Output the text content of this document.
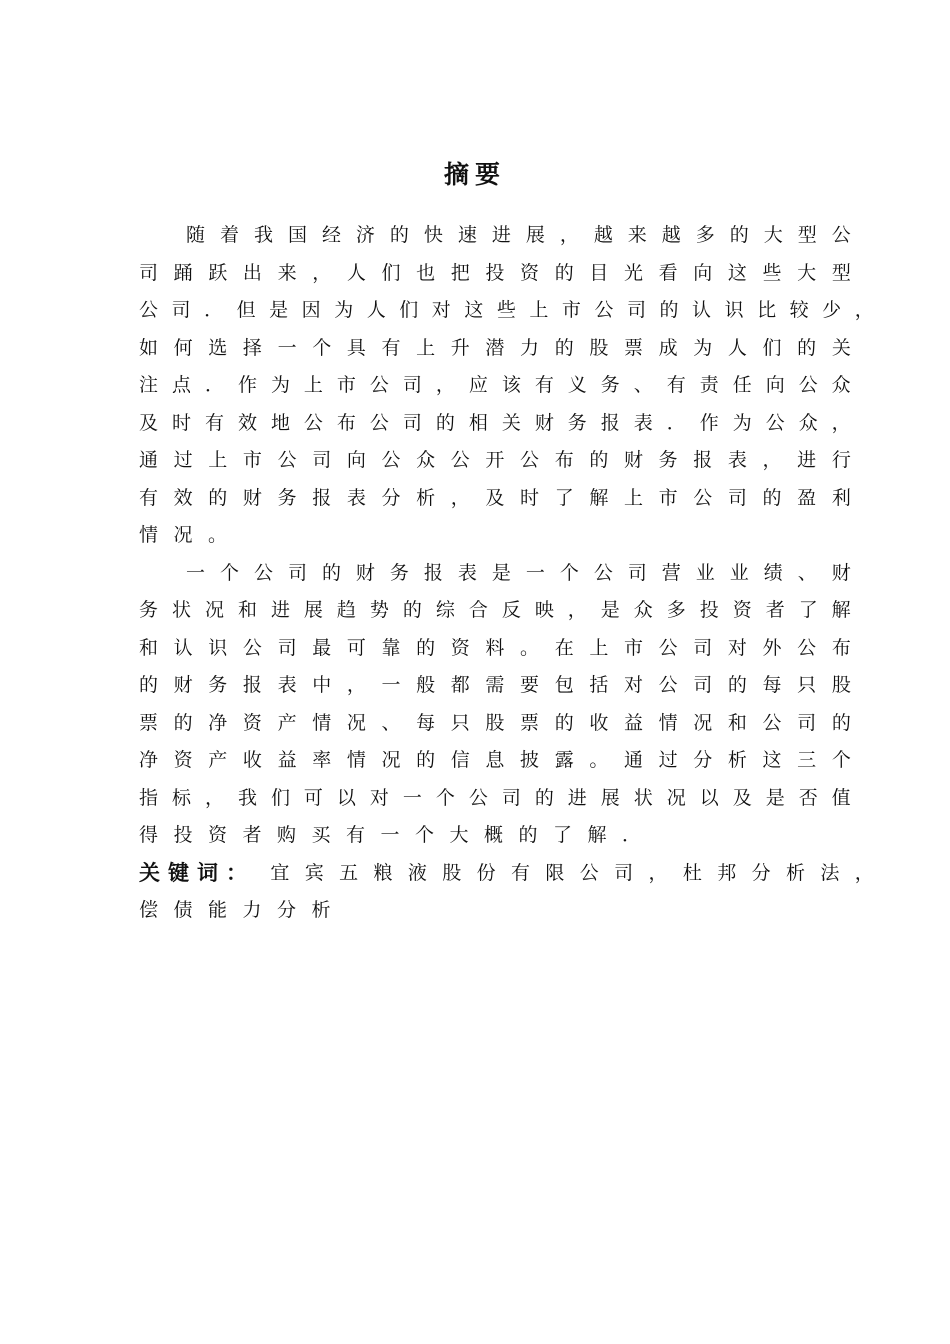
摘要
随 着 我 国 经 济 的 快 速 进 展 ， 越 来 越 多 的 大 型 公
司 踊 跃 出 来 ， 人 们 也 把 投 资 的 目 光 看 向 这 些 大 型
公 司 ． 但 是 因 为 人 们 对 这 些 上 市 公 司 的 认 识 比 较 少 ，
如 何 选 择 一 个 具 有 上 升 潜 力 的 股 票 成 为 人 们 的 关
注 点 ． 作 为 上 市 公 司 ， 应 该 有 义 务 、 有 责 任 向 公 众
及 时 有 效 地 公 布 公 司 的 相 关 财 务 报 表 ． 作 为 公 众 ，
通 过 上 市 公 司 向 公 众 公 开 公 布 的 财 务 报 表 ， 进 行
有 效 的 财 务 报 表 分 析 ， 及 时 了 解 上 市 公 司 的 盈 利
情 况 。
一 个 公 司 的 财 务 报 表 是 一 个 公 司 营 业 业 绩 、 财
务 状 况 和 进 展 趋 势 的 综 合 反 映 ， 是 众 多 投 资 者 了 解
和 认 识 公 司 最 可 靠 的 资 料 。 在 上 市 公 司 对 外 公 布
的 财 务 报 表 中 ， 一 般 都 需 要 包 括 对 公 司 的 每 只 股
票 的 净 资 产 情 况 、 每 只 股 票 的 收 益 情 况 和 公 司 的
净 资 产 收 益 率 情 况 的 信 息 披 露 。 通 过 分 析 这 三 个
指 标 ， 我 们 可 以 对 一 个 公 司 的 进 展 状 况 以 及 是 否 值
得 投 资 者 购 买 有 一 个 大 概 的 了 解 ．
关键词： 宜 宾 五 粮 液 股 份 有 限 公 司 ， 杜 邦 分 析 法 ，
偿 债 能 力 分 析
